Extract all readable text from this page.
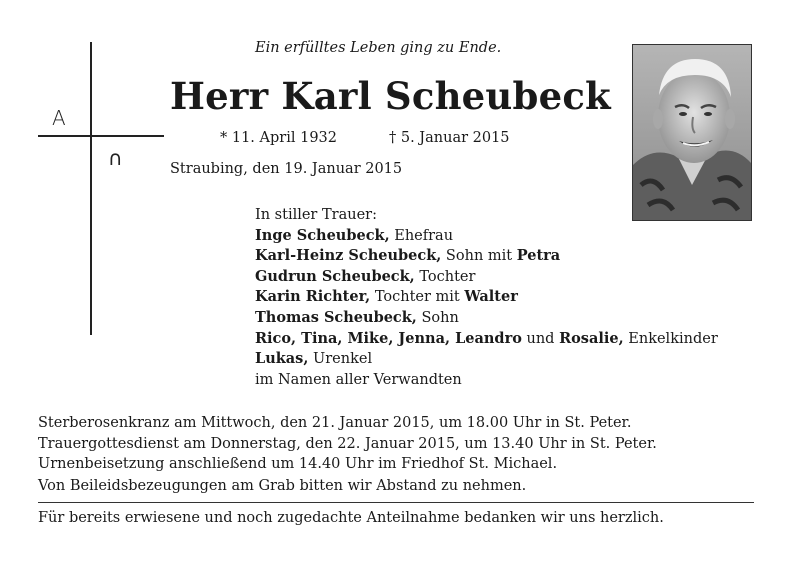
A
∩
Ein erfülltes Leben ging zu Ende.
Herr Karl Scheubeck
* 11. April 1932	† 5. Januar 2015
Straubing, den 19. Januar 2015
In stiller Trauer:
Inge Scheubeck, Ehefrau
Karl-Heinz Scheubeck, Sohn mit Petra
Gudrun Scheubeck, Tochter
Karin Richter, Tochter mit Walter
Thomas Scheubeck, Sohn
Rico, Tina, Mike, Jenna, Leandro und Rosalie, Enkelkinder
Lukas, Urenkel
im Namen aller Verwandten
Sterberosenkranz am Mittwoch, den 21. Januar 2015, um 18.00 Uhr in St. Peter.
Trauergottesdienst am Donnerstag, den 22. Januar 2015, um 13.40 Uhr in St. Peter.
Urnenbeisetzung anschließend um 14.40 Uhr im Friedhof St. Michael.
Von Beileidsbezeugungen am Grab bitten wir Abstand zu nehmen.
Für bereits erwiesene und noch zugedachte Anteilnahme bedanken wir uns herzlich.
